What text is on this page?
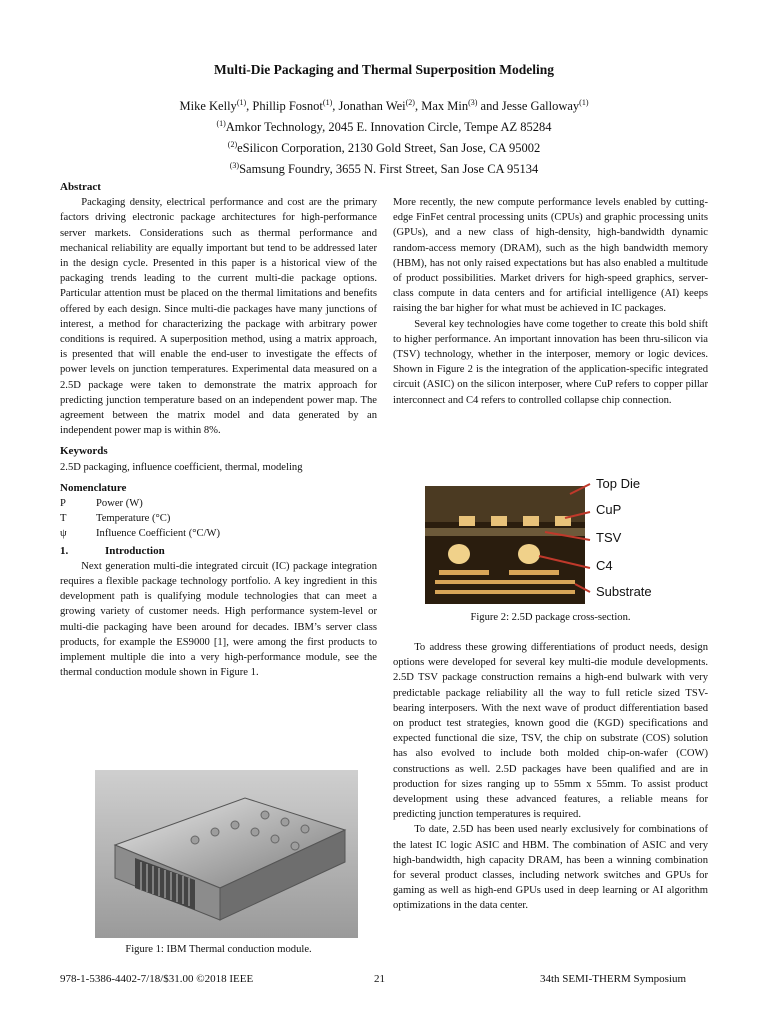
Multi-Die Packaging and Thermal Superposition Modeling
Mike Kelly$^{(1)}$, Phillip Fosnot$^{(1)}$, Jonathan Wei$^{(2)}$, Max Min$^{(3)}$ and Jesse Galloway$^{(1)}$
$^{(1)}$Amkor Technology, 2045 E. Innovation Circle, Tempe AZ 85284
$^{(2)}$eSilicon Corporation, 2130 Gold Street, San Jose, CA 95002
$^{(3)}$Samsung Foundry, 3655 N. First Street, San Jose CA 95134
Abstract

Packaging density, electrical performance and cost are the primary factors driving electronic package architectures for high-performance server markets. Considerations such as thermal performance and mechanical reliability are equally important but tend to be addressed later in the design cycle. Presented in this paper is a historical view of the packaging trends leading to the current multi-die package options. Particular attention must be placed on the thermal limitations and benefits offered by each design. Since multi-die packages have many junctions of interest, a method for characterizing the package with arbitrary power conditions is required. A superposition method, using a matrix approach, is presented that will enable the end-user to investigate the effects of power levels on junction temperatures. Experimental data measured on a 2.5D package were taken to demonstrate the matrix approach for predicting junction temperature based on an independent power map. The agreement between the matrix model and data generated by an independent power map is within 8%.

Keywords

2.5D packaging, influence coefficient, thermal, modeling

Nomenclature
P	Power (W)
T	Temperature (°C)
ψ	Influence Coefficient (°C/W)
1.	Introduction

Next generation multi-die integrated circuit (IC) package integration requires a flexible package technology portfolio. A key ingredient in this development path is qualifying module technologies that can meet a growing variety of customer needs. High performance system-level or multi-die packaging have been around for decades. IBM’s server class products, for example the ES9000 [1], were among the first products to implement multiple die into a very high-performance module, see the thermal conduction module shown in Figure 1.

Figure 1: IBM Thermal conduction module.

More recently, the new compute performance levels enabled by cutting-edge FinFet central processing units (CPUs) and graphic processing units (GPUs), and a new class of high-density, high-bandwidth dynamic random-access memory (DRAM), such as the high bandwidth memory (HBM), has not only raised expectations but has also enabled a multitude of product possibilities. Market drivers for high-speed graphics, server-class compute in data centers and for artificial intelligence (AI) keeps raising the bar higher for what must be achieved in IC packages.

Several key technologies have come together to create this bold shift to higher performance. An important innovation has been thru-silicon via (TSV) technology, whether in the interposer, memory or logic devices. Shown in Figure 2 is the integration of the application-specific integrated circuit (ASIC) on the silicon interposer, where CuP refers to copper pillar interconnect and C4 refers to controlled collapse chip connection.

Top Die
CuP
TSV
C4
Substrate
Figure 2: 2.5D package cross-section.

To address these growing differentiations of product needs, design options were developed for several key multi-die module developments. 2.5D TSV package construction remains a high-end bulwark with very predictable package reliability all the way to full reticle sized TSV-bearing interposers. With the next wave of product differentiation based on product test strategies, known good die (KGD) specifications and expected functional die size, TSV, the chip on substrate (COS) solution has also evolved to include both molded chip-on-wafer (COW) constructions as well. 2.5D packages have been qualified and are in production for sizes ranging up to 55mm x 55mm. To assist product development using these advanced features, a reliable means for predicting junction temperatures is required.

To date, 2.5D has been used nearly exclusively for combinations of the latest IC logic ASIC and HBM. The combination of ASIC and very high-bandwidth, high capacity DRAM, has been a winning combination for several product classes, including network switches and GPUs for gaming as well as high-end GPUs used in deep learning or AI algorithm optimizations in the data center.

978-1-5386-4402-7/18/$31.00 ©2018 IEEE	21	34th SEMI-THERM Symposium
